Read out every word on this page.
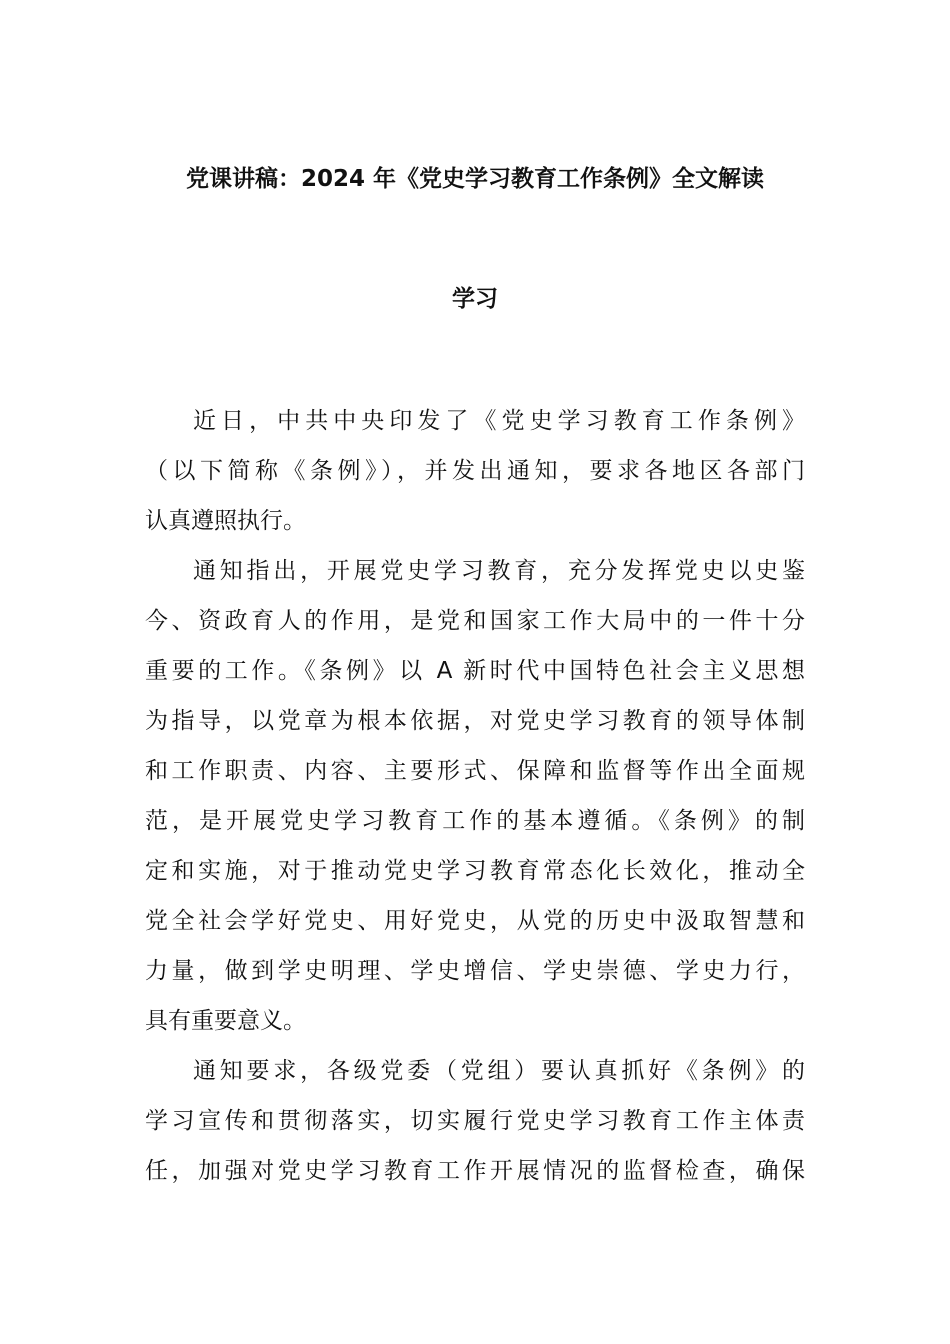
党课讲稿：2024 年《党史学习教育工作条例》全文解读
学习
近日，中共中央印发了《党史学习教育工作条例》
（以下简称《条例》），并发出通知，要求各地区各部门
认真遵照执行。
通知指出，开展党史学习教育，充分发挥党史以史鉴
今、资政育人的作用，是党和国家工作大局中的一件十分
重要的工作。《条例》以 A 新时代中国特色社会主义思想
为指导，以党章为根本依据，对党史学习教育的领导体制
和工作职责、内容、主要形式、保障和监督等作出全面规
范，是开展党史学习教育工作的基本遵循。《条例》的制
定和实施，对于推动党史学习教育常态化长效化，推动全
党全社会学好党史、用好党史，从党的历史中汲取智慧和
力量，做到学史明理、学史增信、学史崇德、学史力行，
具有重要意义。
通知要求，各级党委（党组）要认真抓好《条例》的
学习宣传和贯彻落实，切实履行党史学习教育工作主体责
任，加强对党史学习教育工作开展情况的监督检查，确保
